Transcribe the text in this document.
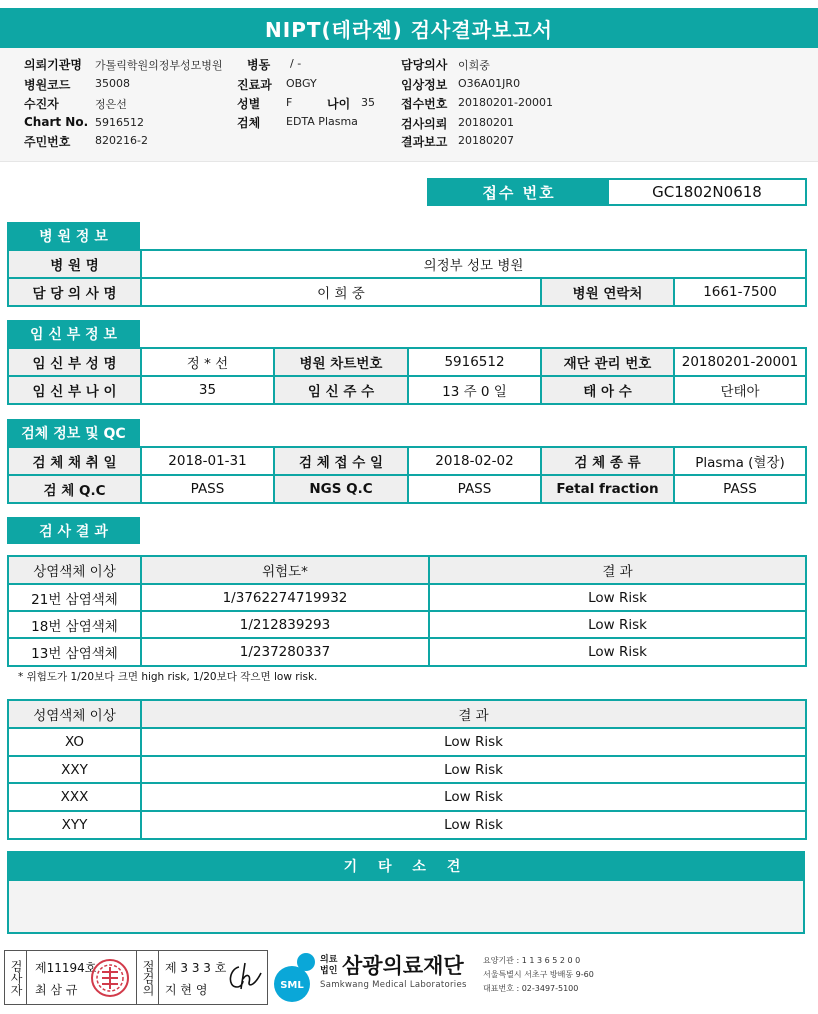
NIPT(테라젠) 검사결과보고서
의뢰기관명 가톨릭학원의정부성모병원
병원코드 35008
수진자	정은선
Chart No. 5916512
주민번호 820216-2
병동 / -
진료과 OBGY
성별 F	나이 35
검체 EDTA Plasma
담당의사 이희중
임상정보 O36A01JR0
접수번호 20180201-20001
검사의뢰 20180201
결과보고 20180207
접수 번호	GC1802N0618
병 원 정 보
병 원 명	의정부 성모 병원		
담 당 의 사 명	이 희 중	병원 연락처	1661-7500
임 신 부 정 보
임 신 부 성 명	정 * 선	병원 차트번호	5916512	재단 관리 번호	20180201-20001
임 신 부 나 이	35	임 신 주 수	13 주 0 일	태 아 수	단태아
검체 정보 및 QC
검 체 채 취 일	2018-01-31	검 체 접 수 일	2018-02-02	검 체 종 류	Plasma (혈장)
검 체 Q.C	PASS	NGS Q.C	PASS	Fetal fraction	PASS
검 사 결 과
상염색체 이상	위험도*	결 과
21번 삼염색체	1/3762274719932	Low Risk
18번 삼염색체	1/212839293	Low Risk
13번 삼염색체	1/237280337	Low Risk
* 위험도가 1/20보다 크면 high risk, 1/20보다 작으면 low risk.
성염색체 이상	결 과
XO	Low Risk
XXY	Low Risk
XXX	Low Risk
XYY	Low Risk
기 타 소 견
검사자 제11194호
최 삼 규	점검의 제 3 3 3 호
지 현 영	SML
의료
법인 삼광의료재단
Samkwang Medical Laboratories
요양기관 : 1 1 3 6 5 2 0 0
서울특별시 서초구 방배동 9-60
대표번호 : 02-3497-5100
